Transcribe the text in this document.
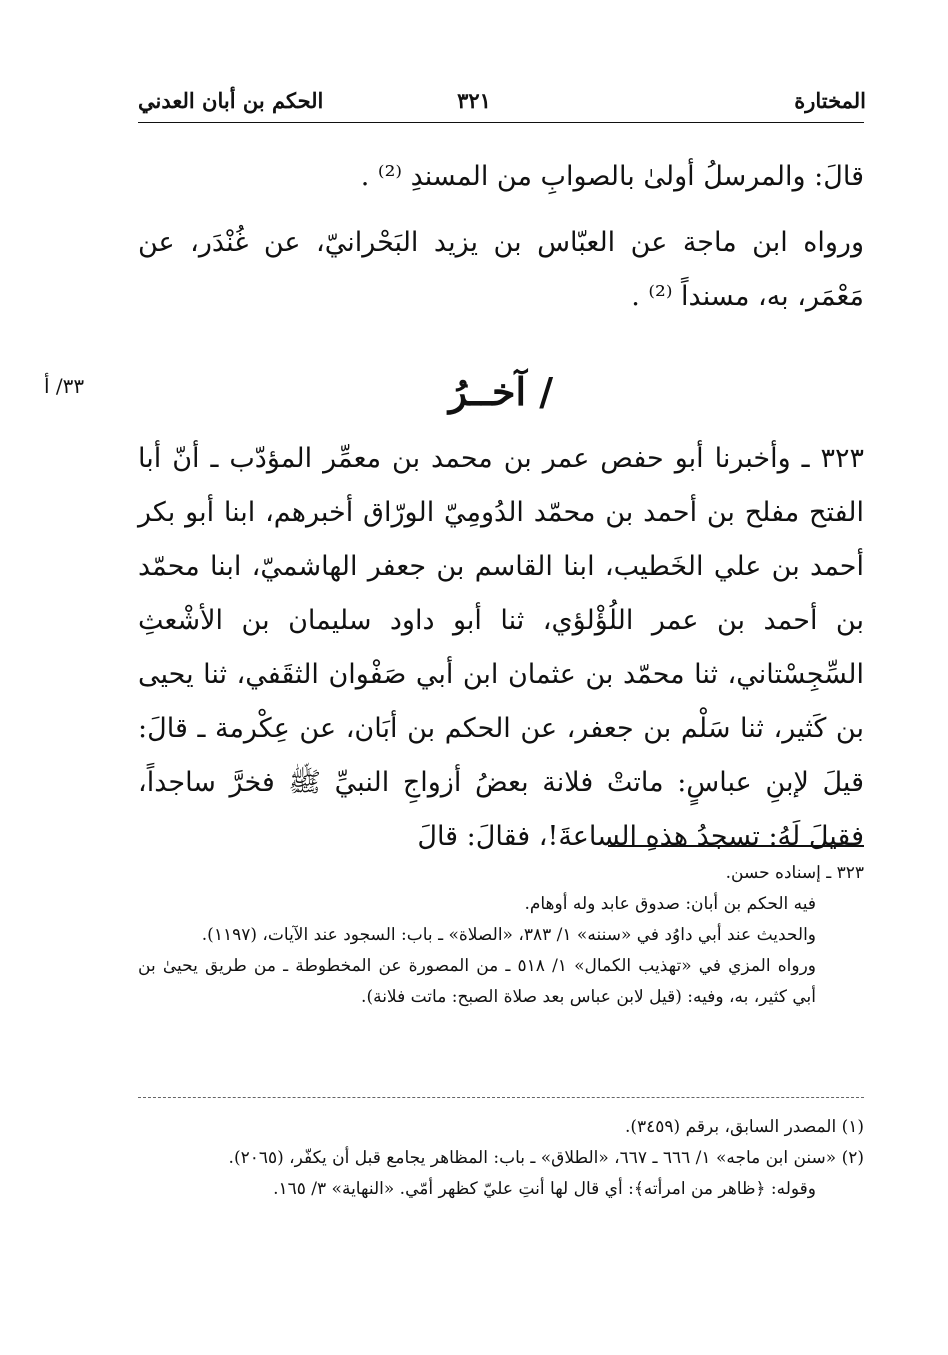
المختارة
٣٢١
الحكم بن أبان العدني

قالَ: والمرسلُ أولىٰ بالصوابِ من المسندِ ⁽²⁾ .

ورواه ابن ماجة عن العبّاس بن يزيد البَحْرانيّ، عن غُنْدَر، عن مَعْمَر، به، مسنداً ⁽²⁾ .

/ آخــرُ
٣٣/ أ

٣٢٣ ـ وأخبرنا أبو حفص عمر بن محمد بن معمِّر المؤدّب ـ أنّ أبا الفتح مفلح بن أحمد بن محمّد الدُومِيّ الورّاق أخبرهم، ابنا أبو بكر أحمد بن علي الخَطيب، ابنا القاسم بن جعفر الهاشميّ، ابنا محمّد بن أحمد بن عمر اللُؤْلؤي، ثنا أبو داود سليمان بن الأشْعثِ السِّجِسْتاني، ثنا محمّد بن عثمان ابن أبي صَفْوان الثقَفي، ثنا يحيى بن كَثير، ثنا سَلْم بن جعفر، عن الحكم بن أبَان، عن عِكْرمة ـ قالَ: قيلَ لإبنِ عباسٍ: ماتتْ فلانة بعضُ أزواجِ النبيِّ ﷺ فخرَّ ساجداً، فقيلَ لَهُ: تسجدُ هذهِ الساعةَ!، فقالَ: قالَ

٣٢٣ ـ إسناده حسن.

فيه الحكم بن أبان: صدوق عابد وله أوهام.

والحديث عند أبي داوُد في «سننه» ١/ ٣٨٣، «الصلاة» ـ باب: السجود عند الآيات، (١١٩٧).

ورواه المزي في «تهذيب الكمال» ١/ ٥١٨ ـ من المصورة عن المخطوطة ـ من طريق يحيىٰ بن أبي كثير، به، وفيه: (قيل لابن عباس بعد صلاة الصبح: ماتت فلانة).

(١) المصدر السابق، برقم (٣٤٥٩).

(٢) «سنن ابن ماجه» ١/ ٦٦٦ ـ ٦٦٧، «الطلاق» ـ باب: المظاهر يجامع قبل أن يكفّر، (٢٠٦٥).

وقوله: ﴿ظاهر من امرأته﴾: أي قال لها أنتِ عليّ كظهر أمّي. «النهاية» ٣/ ١٦٥.
